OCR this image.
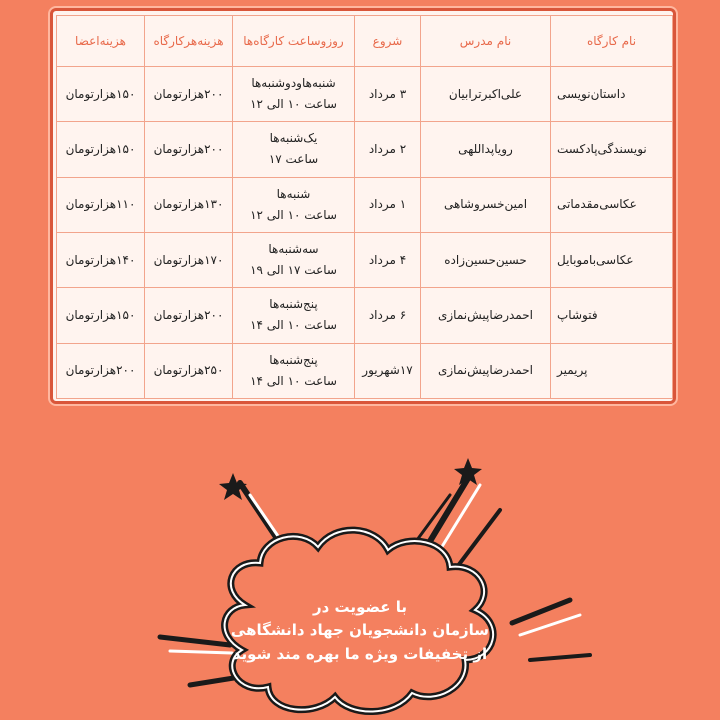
نام کارگاه	نام مدرس	شروع	روزوساعت کارگاه‌ها	هزینه‌هرکارگاه	هزینه‌اعضا
داستان‌نویسی	علی‌اکبرترابیان	۳ مرداد	شنبه‌هاودوشنبه‌ها
ساعت ۱۰ الی ۱۲	۲۰۰هزارتومان	۱۵۰هزارتومان
نویسندگی‌پادکست	رویاپداللهی	۲ مرداد	یک‌شنبه‌ها
ساعت ۱۷	۲۰۰هزارتومان	۱۵۰هزارتومان
عکاسی‌مقدماتی	امین‌خسروشاهی	۱ مرداد	شنبه‌ها
ساعت ۱۰ الی ۱۲	۱۳۰هزارتومان	۱۱۰هزارتومان
عکاسی‌باموبایل	حسین‌حسین‌زاده	۴ مرداد	سه‌شنبه‌ها
ساعت ۱۷ الی ۱۹	۱۷۰هزارتومان	۱۴۰هزارتومان
فتوشاپ	احمدرضاپیش‌نمازی	۶ مرداد	پنج‌شنبه‌ها
ساعت ۱۰ الی ۱۴	۲۰۰هزارتومان	۱۵۰هزارتومان
پریمیر	احمدرضاپیش‌نمازی	۱۷شهریور	پنج‌شنبه‌ها
ساعت ۱۰ الی ۱۴	۲۵۰هزارتومان	۲۰۰هزارتومان
با عضویت در
سازمان دانشجویان جهاد دانشگاهی
از تخفیفات ویژه ما بهره مند شوید
